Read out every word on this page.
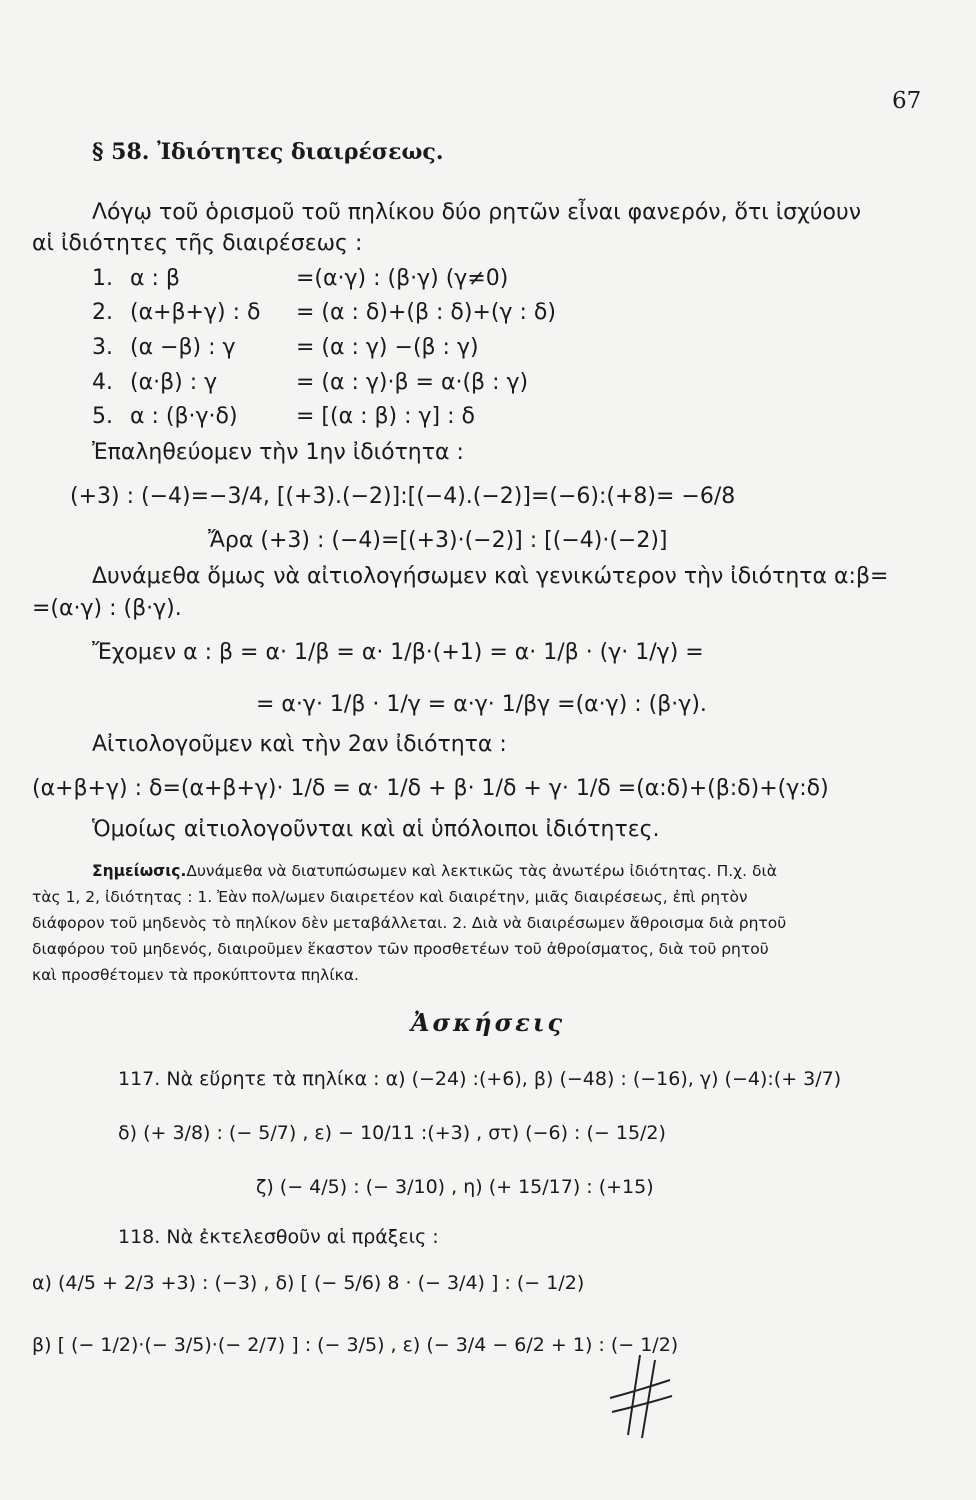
67
§ 58. Ἰδιότητες διαιρέσεως.
Λόγῳ τοῦ ὁρισμοῦ τοῦ πηλίκου δύο ρητῶν εἶναι φανερόν, ὅτι ἰσχύουν
αἱ ἰδιότητες τῆς διαιρέσεως :
1. α : β	=(α·γ) : (β·γ) (γ≠0)
2. (α+β+γ) : δ = (α : δ)+(β : δ)+(γ : δ)
3. (α −β) : γ	= (α : γ) −(β : γ)
4. (α·β) : γ	= (α : γ)·β = α·(β : γ)
5. α : (β·γ·δ)	= [(α : β) : γ] : δ
Ἐπαληθεύομεν τὴν 1ην ἰδιότητα :
(+3) : (−4)=−3/4, [(+3).(−2)]:[(−4).(−2)]=(−6):(+8)= −6/8
Ἄρα (+3) : (−4)=[(+3)·(−2)] : [(−4)·(−2)]
Δυνάμεθα ὅμως νὰ αἰτιολογήσωμεν καὶ γενικώτερον τὴν ἰδιότητα α:β=
=(α·γ) : (β·γ).
Ἔχομεν α : β = α· 1/β = α· 1/β·(+1) = α· 1/β · (γ· 1/γ) =
= α·γ· 1/β · 1/γ = α·γ· 1/βγ =(α·γ) : (β·γ).
Αἰτιολογοῦμεν καὶ τὴν 2αν ἰδιότητα :
(α+β+γ) : δ=(α+β+γ)· 1/δ = α· 1/δ + β· 1/δ + γ· 1/δ =(α:δ)+(β:δ)+(γ:δ)
Ὁμοίως αἰτιολογοῦνται καὶ αἱ ὑπόλοιποι ἰδιότητες.
Σημείωσις.Δυνάμεθα νὰ διατυπώσωμεν καὶ λεκτικῶς τὰς ἀνωτέρω ἰδιότητας. Π.χ. διὰ
τὰς 1, 2, ἰδιότητας : 1. Ἐὰν πολ/ωμεν διαιρετέον καὶ διαιρέτην, μιᾶς διαιρέσεως, ἐπὶ ρητὸν
διάφορον τοῦ μηδενὸς τὸ πηλίκον δὲν μεταβάλλεται. 2. Διὰ νὰ διαιρέσωμεν ἄθροισμα διὰ ρητοῦ
διαφόρου τοῦ μηδενός, διαιροῦμεν ἕκαστον τῶν προσθετέων τοῦ ἀθροίσματος, διὰ τοῦ ρητοῦ
καὶ προσθέτομεν τὰ προκύπτοντα πηλίκα.
Ἀσκήσεις
117. Νὰ εὕρητε τὰ πηλίκα : α) (−24) :(+6), β) (−48) : (−16), γ) (−4):(+ 3/7)
δ) (+ 3/8) : (− 5/7) , ε) − 10/11 :(+3) , στ) (−6) : (− 15/2)
ζ) (− 4/5) : (− 3/10) , η) (+ 15/17) : (+15)
118. Νὰ ἐκτελεσθοῦν αἱ πράξεις :
α) (4/5 + 2/3 +3) : (−3) , δ) [ (− 5/6) 8 · (− 3/4) ] : (− 1/2)
β) [ (− 1/2)·(− 3/5)·(− 2/7) ] : (− 3/5) , ε) (− 3/4 − 6/2 + 1) : (− 1/2)
